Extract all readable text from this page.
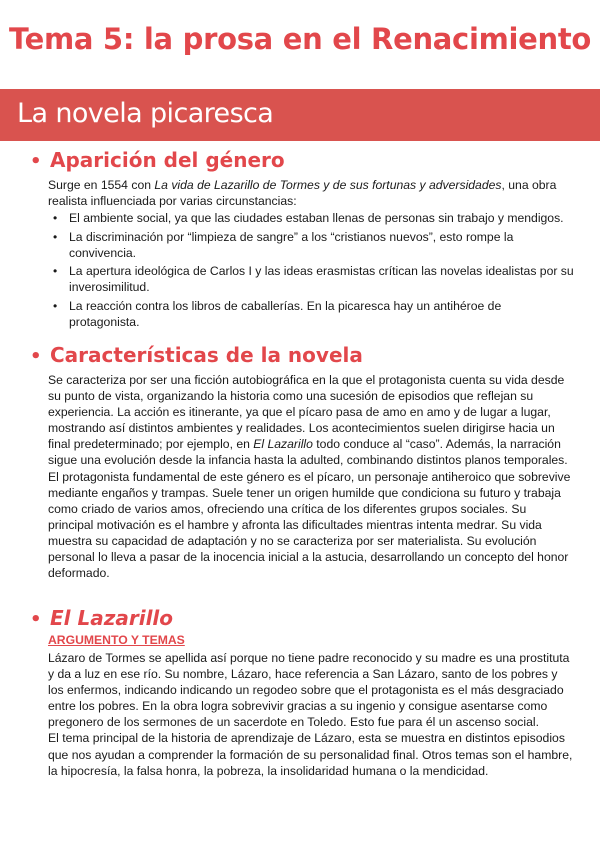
Tema 5: la prosa en el Renacimiento
La novela picaresca
• Aparición del género

Surge en 1554 con La vida de Lazarillo de Tormes y de sus fortunas y adversidades, una obra realista influenciada por varias circunstancias:

• El ambiente social, ya que las ciudades estaban llenas de personas sin trabajo y mendigos.
• La discriminación por “limpieza de sangre” a los “cristianos nuevos”, esto rompe la convivencia.
• La apertura ideológica de Carlos I y las ideas erasmistas crítican las novelas idealistas por su inverosimilitud.
• La reacción contra los libros de caballerías. En la picaresca hay un antihéroe de protagonista.
• Características de la novela

Se caracteriza por ser una ficción autobiográfica en la que el protagonista cuenta su vida desde su punto de vista, organizando la historia como una sucesión de episodios que reflejan su experiencia. La acción es itinerante, ya que el pícaro pasa de amo en amo y de lugar a lugar, mostrando así distintos ambientes y realidades. Los acontecimientos suelen dirigirse hacia un final predeterminado; por ejemplo, en El Lazarillo todo conduce al “caso”. Además, la narración sigue una evolución desde la infancia hasta la adulted, combinando distintos planos temporales.

El protagonista fundamental de este género es el pícaro, un personaje antiheroico que sobrevive mediante engaños y trampas. Suele tener un origen humilde que condiciona su futuro y trabaja como criado de varios amos, ofreciendo una crítica de los diferentes grupos sociales. Su principal motivación es el hambre y afronta las dificultades mientras intenta medrar. Su vida muestra su capacidad de adaptación y no se caracteriza por ser materialista. Su evolución personal lo lleva a pasar de la inocencia inicial a la astucia, desarrollando un concepto del honor deformado.

• El Lazarillo
ARGUMENTO Y TEMAS

Lázaro de Tormes se apellida así porque no tiene padre reconocido y su madre es una prostituta y da a luz en ese río. Su nombre, Lázaro, hace referencia a San Lázaro, santo de los pobres y los enfermos, indicando indicando un regodeo sobre que el protagonista es el más desgraciado entre los pobres. En la obra logra sobrevivir gracias a su ingenio y consigue asentarse como pregonero de los sermones de un sacerdote en Toledo. Esto fue para él un ascenso social.

El tema principal de la historia de aprendizaje de Lázaro, esta se muestra en distintos episodios que nos ayudan a comprender la formación de su personalidad final. Otros temas son el hambre, la hipocresía, la falsa honra, la pobreza, la insolidaridad humana o la mendicidad.
